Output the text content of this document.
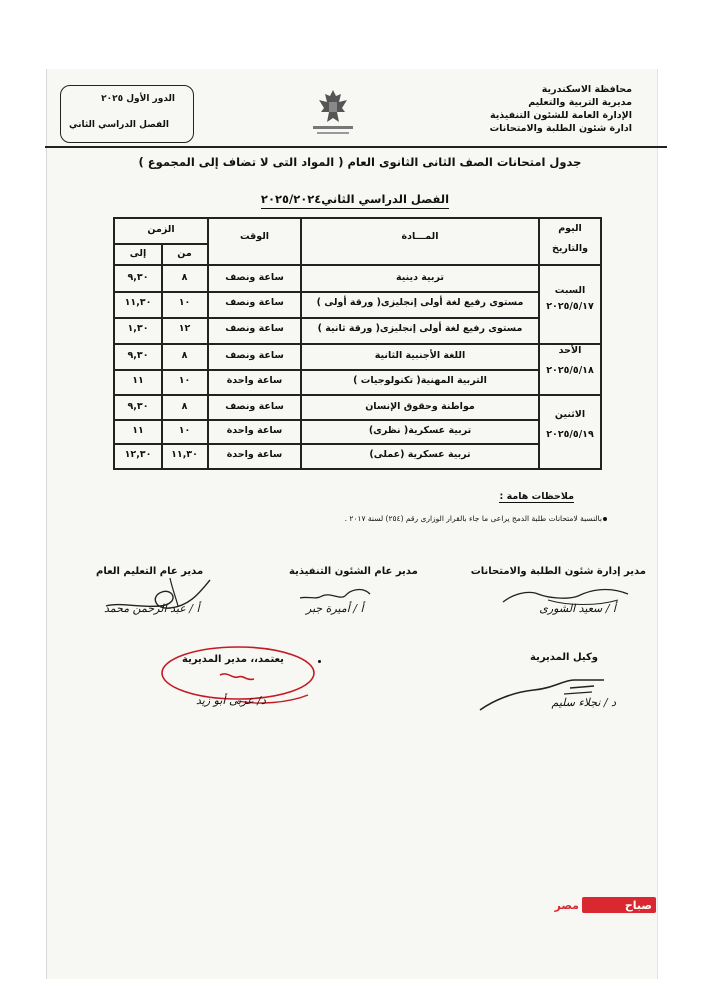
محافظة الاسكندرية
مديرية التربية والتعليم
الإدارة العامة للشئون التنفيذية
ادارة شئون الطلبة والامتحانات
الدور الأول ٢٠٢٥
الفصل الدراسي الثاني
جدول امتحانات الصف الثانى الثانوى العام ( المواد التى لا تضاف إلى المجموع )
الفصل الدراسي الثاني٢٠٢٥/٢٠٢٤
اليوم
والتاريخ
المـــادة
الوقت
الزمن
من
إلى
السبت
٢٠٢٥/٥/١٧
الأحد
٢٠٢٥/٥/١٨
الاثنين
٢٠٢٥/٥/١٩
تربية دينية
ساعة ونصف
٨
٩,٣٠
مستوى رفيع لغة أولى إنجليزى( ورقة أولى )
ساعة ونصف
١٠
١١,٣٠
مستوى رفيع لغة أولى إنجليزى( ورقة ثانية )
ساعة ونصف
١٢
١,٣٠
اللغة الأجنبية الثانية
ساعة ونصف
٨
٩,٣٠
التربية المهنية( تكنولوجيات )
ساعة واحدة
١٠
١١
مواطنة وحقوق الإنسان
ساعة ونصف
٨
٩,٣٠
تربية عسكرية( نظرى)
ساعة واحدة
١٠
١١
تربية عسكرية (عملى)
ساعة واحدة
١١,٣٠
١٢,٣٠
ملاحظات هامة :
بالنسبة لامتحانات طلبة الدمج يراعى ما جاء بالقرار الوزارى رقم (٢٥٤) لسنة ٢٠١٧ .
مدير إدارة شئون الطلبة والامتحانات
مدير عام الشئون التنفيذية
مدير عام التعليم العام
أ / سعيد الشورى
أ / أميرة جبر
أ / عبد الرحمن محمد
وكيل المديرية
يعتمد،، مدير المديرية
د / نجلاء سليم
د/ عربى أبو زيد
صباح
مصر
